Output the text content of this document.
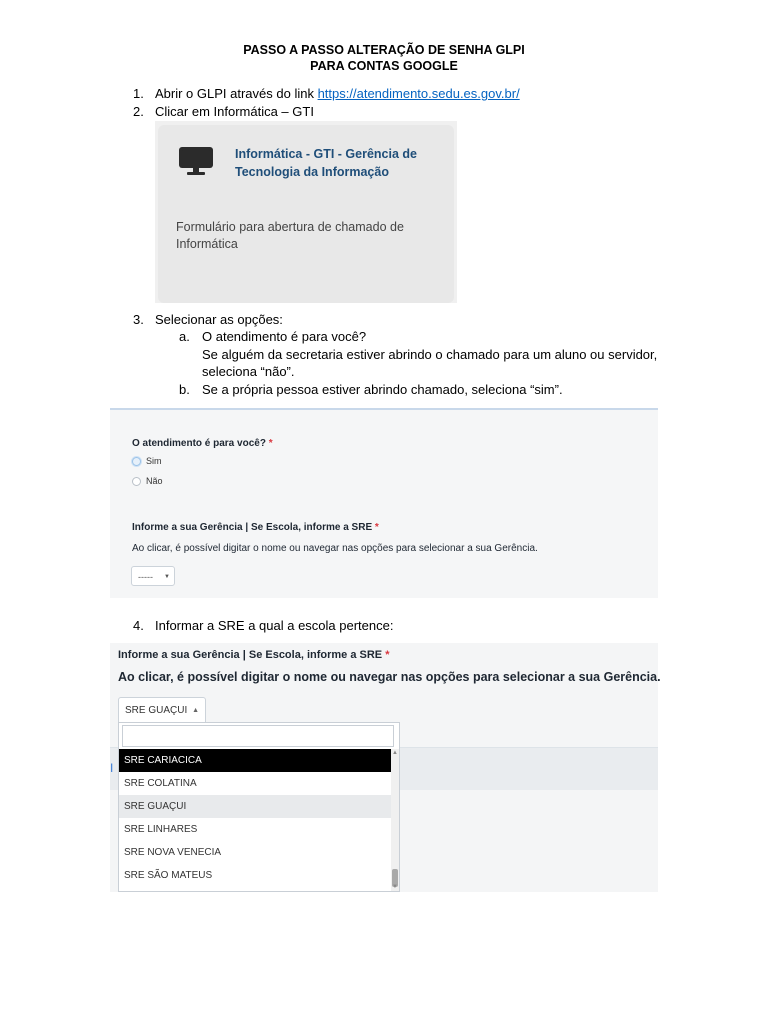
PASSO A PASSO ALTERAÇÃO DE SENHA GLPI
PARA CONTAS GOOGLE
1. Abrir o GLPI através do link https://atendimento.sedu.es.gov.br/
2. Clicar em Informática – GTI
Informática - GTI - Gerência de Tecnologia da Informação
Formulário para abertura de chamado de Informática
3. Selecionar as opções:
a. O atendimento é para você?
Se alguém da secretaria estiver abrindo o chamado para um aluno ou servidor,
seleciona “não”.
b. Se a própria pessoa estiver abrindo chamado, seleciona “sim”.
O atendimento é para você? *
Sim
Não
Informe a sua Gerência | Se Escola, informe a SRE *
Ao clicar, é possível digitar o nome ou navegar nas opções para selecionar a sua Gerência.
----- ▼
4. Informar a SRE a qual a escola pertence:
I
Informe a sua Gerência | Se Escola, informe a SRE *
Ao clicar, é possível digitar o nome ou navegar nas opções para selecionar a sua Gerência.
SRE GUAÇUI ▲
SRE CARIACICA
SRE COLATINA
SRE GUAÇUI
SRE LINHARES
SRE NOVA VENECIA
SRE SÃO MATEUS
▲
▼
